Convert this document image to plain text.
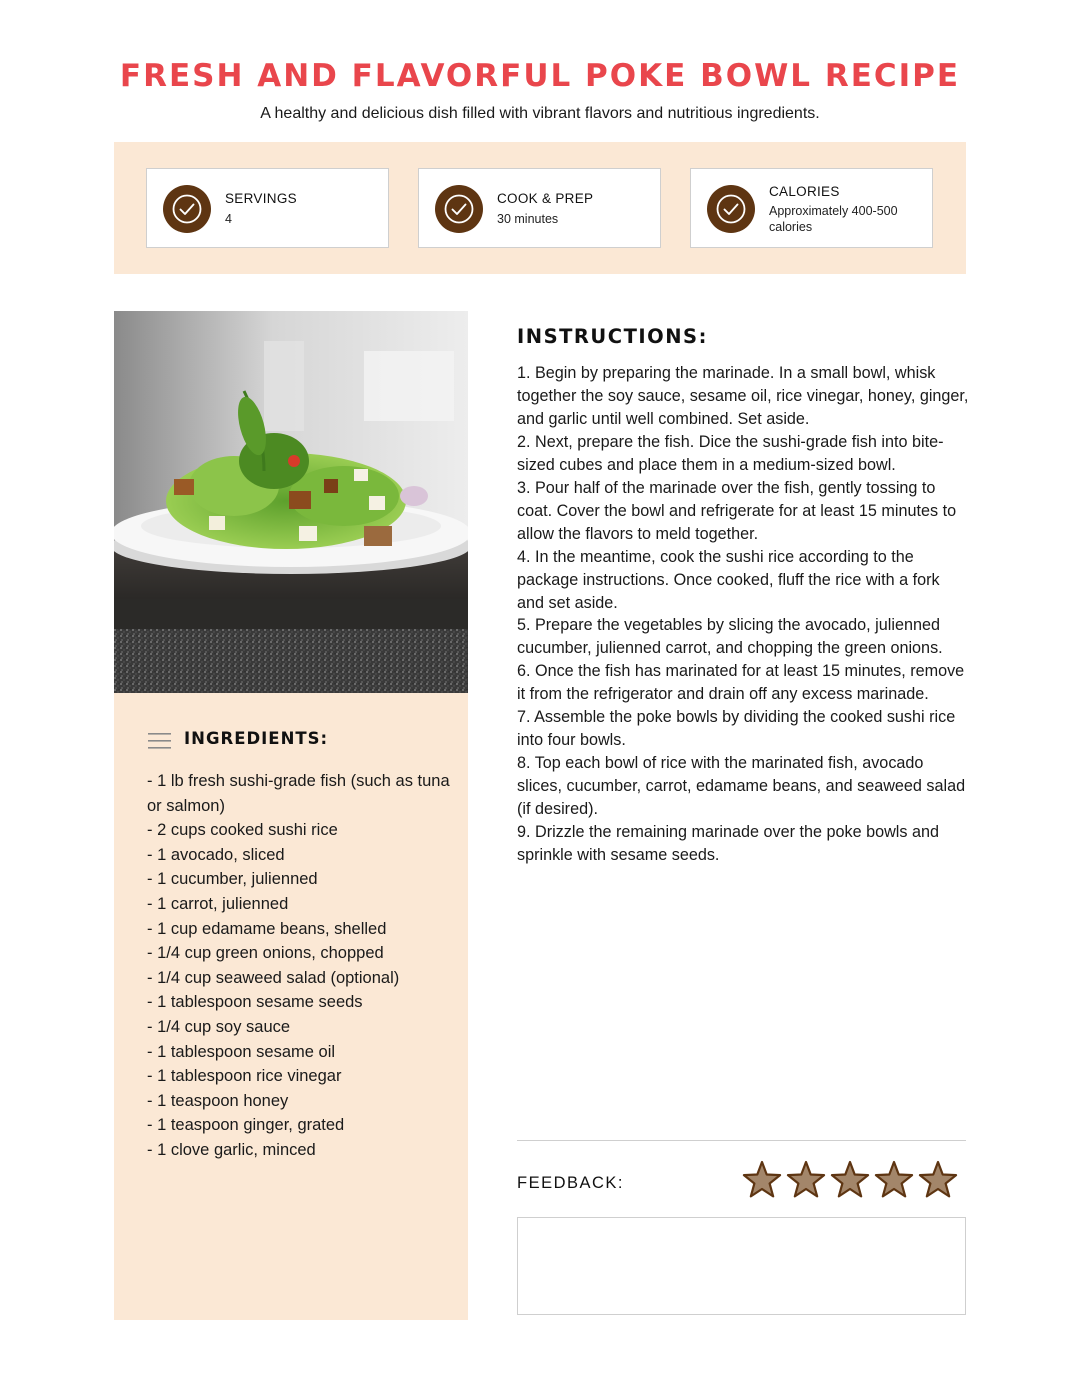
FRESH AND FLAVORFUL POKE BOWL RECIPE
A healthy and delicious dish filled with vibrant flavors and nutritious ingredients.
SERVINGS
4
COOK & PREP
30 minutes
CALORIES
Approximately 400-500 calories
INGREDIENTS:
- 1 lb fresh sushi-grade fish (such as tuna or salmon)
- 2 cups cooked sushi rice
- 1 avocado, sliced
- 1 cucumber, julienned
- 1 carrot, julienned
- 1 cup edamame beans, shelled
- 1/4 cup green onions, chopped
- 1/4 cup seaweed salad (optional)
- 1 tablespoon sesame seeds
- 1/4 cup soy sauce
- 1 tablespoon sesame oil
- 1 tablespoon rice vinegar
- 1 teaspoon honey
- 1 teaspoon ginger, grated
- 1 clove garlic, minced
INSTRUCTIONS:

1. Begin by preparing the marinade. In a small bowl, whisk together the soy sauce, sesame oil, rice vinegar, honey, ginger, and garlic until well combined. Set aside.

2. Next, prepare the fish. Dice the sushi-grade fish into bite-sized cubes and place them in a medium-sized bowl.

3. Pour half of the marinade over the fish, gently tossing to coat. Cover the bowl and refrigerate for at least 15 minutes to allow the flavors to meld together.

4. In the meantime, cook the sushi rice according to the package instructions. Once cooked, fluff the rice with a fork and set aside.

5. Prepare the vegetables by slicing the avocado, julienned cucumber, julienned carrot, and chopping the green onions.

6. Once the fish has marinated for at least 15 minutes, remove it from the refrigerator and drain off any excess marinade.

7. Assemble the poke bowls by dividing the cooked sushi rice into four bowls.

8. Top each bowl of rice with the marinated fish, avocado slices, cucumber, carrot, edamame beans, and seaweed salad (if desired).

9. Drizzle the remaining marinade over the poke bowls and sprinkle with sesame seeds.

FEEDBACK:
